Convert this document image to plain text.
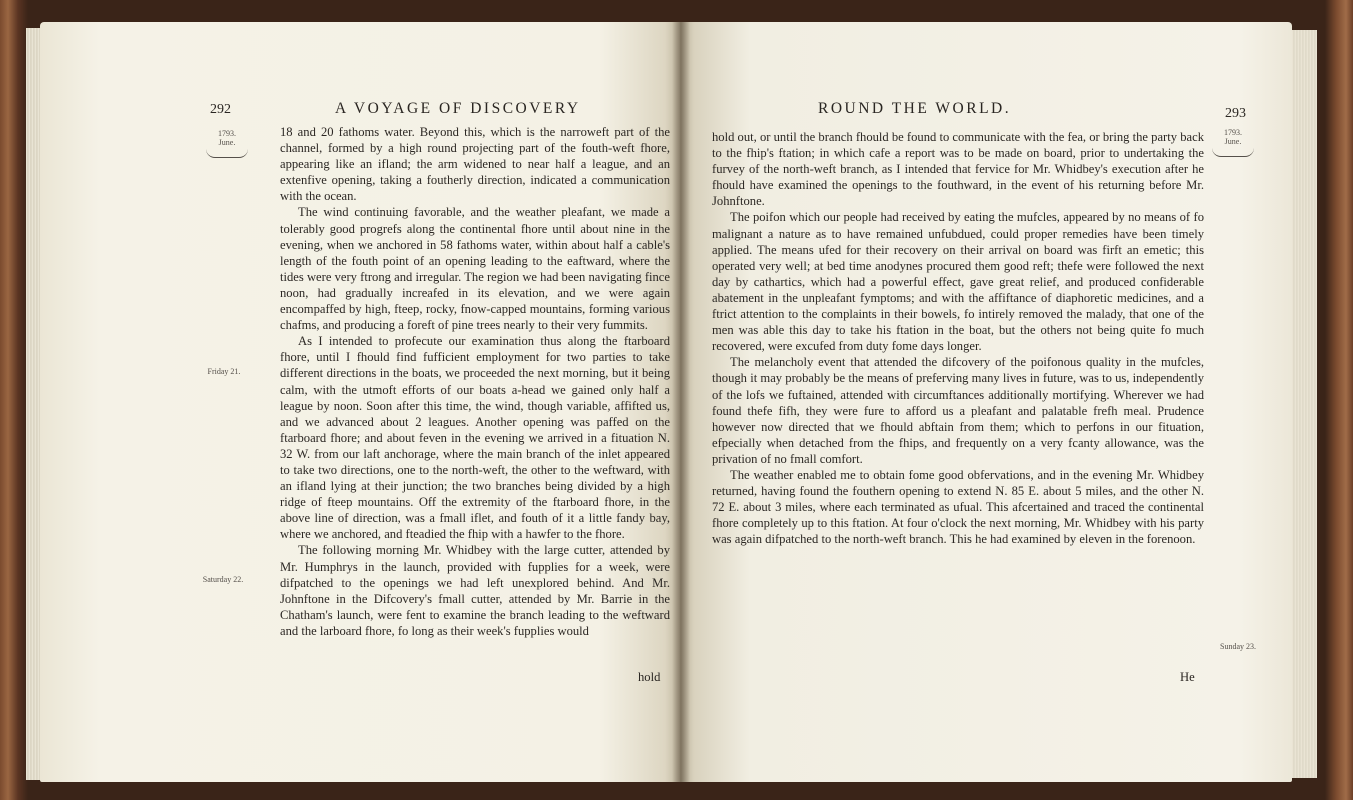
292	A VOYAGE OF DISCOVERY
1793.
June.
Friday 21.
Saturday 22.

18 and 20 fathoms water. Beyond this, which is the narroweft part of the channel, formed by a high round projecting part of the fouth-weft fhore, appearing like an ifland; the arm widened to near half a league, and an extenfive opening, taking a foutherly direction, indicated a communication with the ocean.

The wind continuing favorable, and the weather pleafant, we made a tolerably good progrefs along the continental fhore until about nine in the evening, when we anchored in 58 fathoms water, within about half a cable's length of the fouth point of an opening leading to the eaftward, where the tides were very ftrong and irregular. The region we had been navigating fince noon, had gradually increafed in its elevation, and we were again encompaffed by high, fteep, rocky, fnow-capped mountains, forming various chafms, and producing a foreft of pine trees nearly to their very fummits.

As I intended to profecute our examination thus along the ftarboard fhore, until I fhould find fufficient employment for two parties to take different directions in the boats, we proceeded the next morning, but it being calm, with the utmoft efforts of our boats a-head we gained only half a league by noon. Soon after this time, the wind, though variable, affifted us, and we advanced about 2 leagues. Another opening was paffed on the ftarboard fhore; and about feven in the evening we arrived in a fituation N. 32 W. from our laft anchorage, where the main branch of the inlet appeared to take two directions, one to the north-weft, the other to the weftward, with an ifland lying at their junction; the two branches being divided by a high ridge of fteep mountains. Off the extremity of the ftarboard fhore, in the above line of direction, was a fmall iflet, and fouth of it a little fandy bay, where we anchored, and fteadied the fhip with a hawfer to the fhore.

The following morning Mr. Whidbey with the large cutter, attended by Mr. Humphrys in the launch, provided with fupplies for a week, were difpatched to the openings we had left unexplored behind. And Mr. Johnftone in the Difcovery's fmall cutter, attended by Mr. Barrie in the Chatham's launch, were fent to examine the branch leading to the weftward and the larboard fhore, fo long as their week's fupplies would

hold
ROUND THE WORLD.	293
1793.
June.
Sunday 23.

hold out, or until the branch fhould be found to communicate with the fea, or bring the party back to the fhip's ftation; in which cafe a report was to be made on board, prior to undertaking the furvey of the north-weft branch, as I intended that fervice for Mr. Whidbey's execution after he fhould have examined the openings to the fouthward, in the event of his returning before Mr. Johnftone.

The poifon which our people had received by eating the mufcles, appeared by no means of fo malignant a nature as to have remained unfubdued, could proper remedies have been timely applied. The means ufed for their recovery on their arrival on board was firft an emetic; this operated very well; at bed time anodynes procured them good reft; thefe were followed the next day by cathartics, which had a powerful effect, gave great relief, and produced confiderable abatement in the unpleafant fymptoms; and with the affiftance of diaphoretic medicines, and a ftrict attention to the complaints in their bowels, fo intirely removed the malady, that one of the men was able this day to take his ftation in the boat, but the others not being quite fo much recovered, were excufed from duty fome days longer.

The melancholy event that attended the difcovery of the poifonous quality in the mufcles, though it may probably be the means of preferving many lives in future, was to us, independently of the lofs we fuftained, attended with circumftances additionally mortifying. Wherever we had found thefe fifh, they were fure to afford us a pleafant and palatable frefh meal. Prudence however now directed that we fhould abftain from them; which to perfons in our fituation, efpecially when detached from the fhips, and frequently on a very fcanty allowance, was the privation of no fmall comfort.

The weather enabled me to obtain fome good obfervations, and in the evening Mr. Whidbey returned, having found the fouthern opening to extend N. 85 E. about 5 miles, and the other N. 72 E. about 3 miles, where each terminated as ufual. This afcertained and traced the continental fhore completely up to this ftation. At four o'clock the next morning, Mr. Whidbey with his party was again difpatched to the north-weft branch. This he had examined by eleven in the forenoon.

He
